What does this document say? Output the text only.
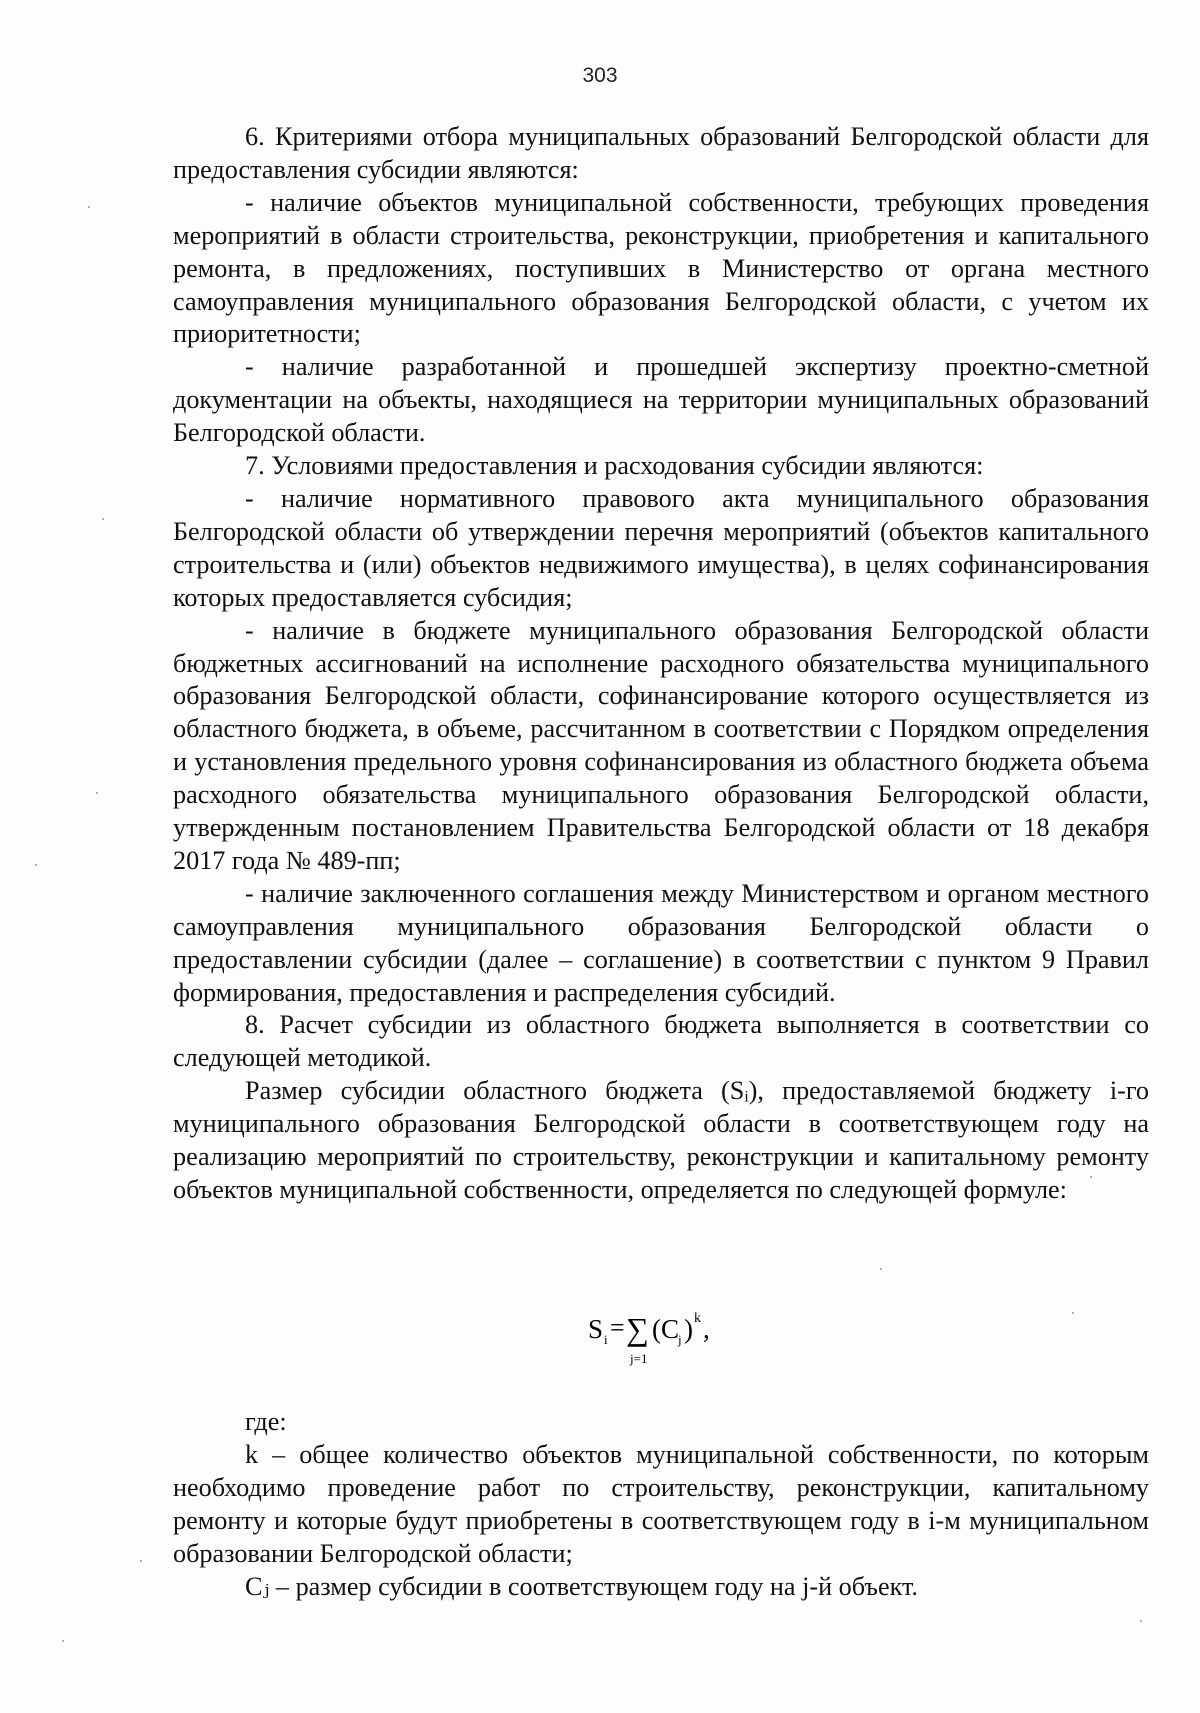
303

6. Критериями отбора муниципальных образований Белгородской области для предоставления субсидии являются:

- наличие объектов муниципальной собственности, требующих проведения мероприятий в области строительства, реконструкции, приобретения и капитального ремонта, в предложениях, поступивших в Министерство от органа местного самоуправления муниципального образования Белгородской области, с учетом их приоритетности;

- наличие разработанной и прошедшей экспертизу проектно-сметной документации на объекты, находящиеся на территории муниципальных образований Белгородской области.

7. Условиями предоставления и расходования субсидии являются:

- наличие нормативного правового акта муниципального образования Белгородской области об утверждении перечня мероприятий (объектов капитального строительства и (или) объектов недвижимого имущества), в целях софинансирования которых предоставляется субсидия;

- наличие в бюджете муниципального образования Белгородской области бюджетных ассигнований на исполнение расходного обязательства муниципального образования Белгородской области, софинансирование которого осуществляется из областного бюджета, в объеме, рассчитанном в соответствии с Порядком определения и установления предельного уровня софинансирования из областного бюджета объема расходного обязательства муниципального образования Белгородской области, утвержденным постановлением Правительства Белгородской области от 18 декабря 2017 года № 489-пп;

- наличие заключенного соглашения между Министерством и органом местного самоуправления муниципального образования Белгородской области о предоставлении субсидии (далее – соглашение) в соответствии с пунктом 9 Правил формирования, предоставления и распределения субсидий.

8. Расчет субсидии из областного бюджета выполняется в соответствии со следующей методикой.

Размер субсидии областного бюджета (Sᵢ), предоставляемой бюджету i-го муниципального образования Белгородской области в соответствующем году на реализацию мероприятий по строительству, реконструкции и капитальному ремонту объектов муниципальной собственности, определяется по следующей формуле:

S i = ∑
j=1
( C
j ) k ,

где:

k – общее количество объектов муниципальной собственности, по которым необходимо проведение работ по строительству, реконструкции, капитальному ремонту и которые будут приобретены в соответствующем году в i-м муниципальном образовании Белгородской области;

Cⱼ – размер субсидии в соответствующем году на j-й объект.
